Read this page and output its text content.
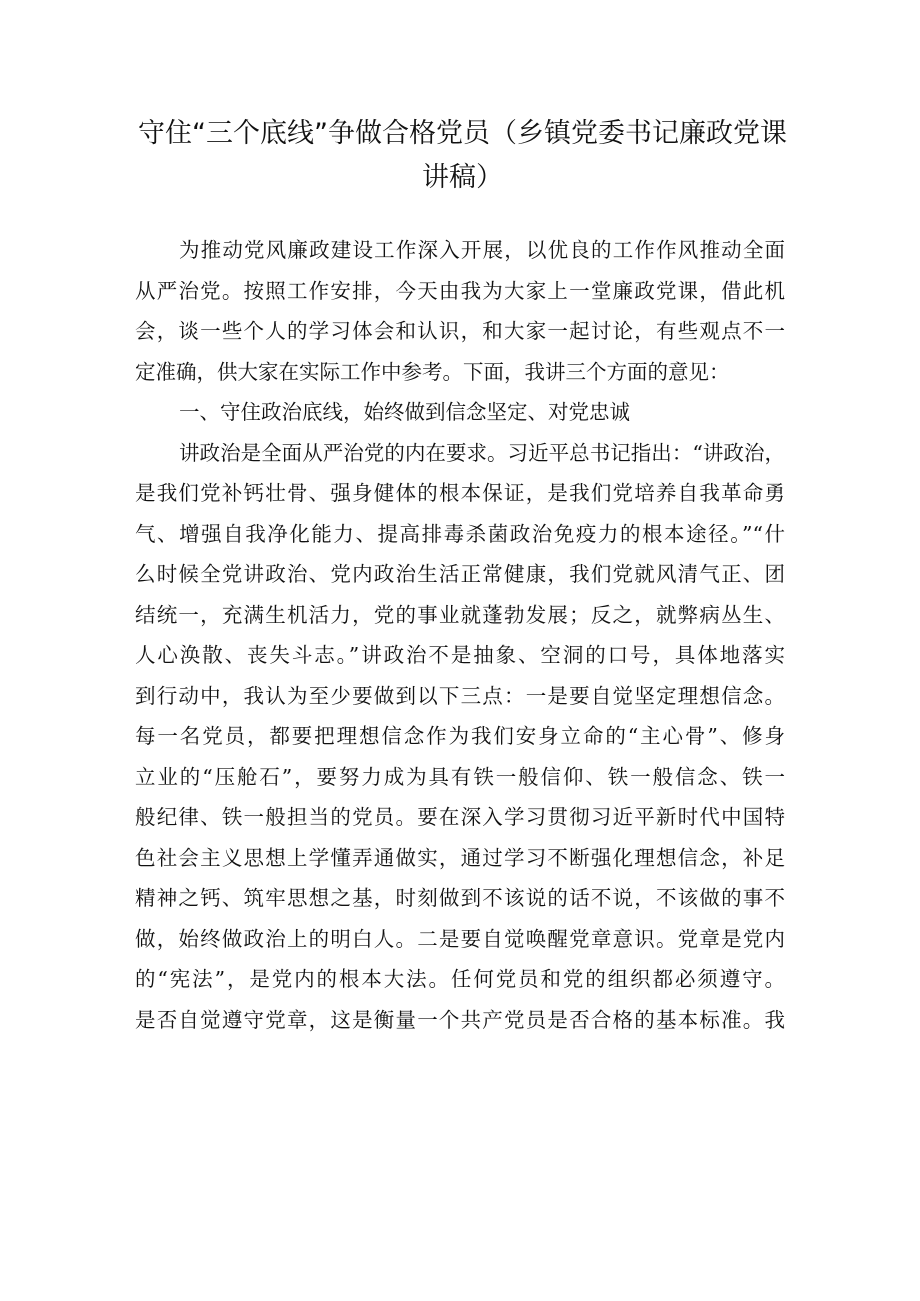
守住“三个底线”争做合格党员（乡镇党委书记廉政党课
讲稿）
为推动党风廉政建设工作深入开展，以优良的工作作风推动全面
从严治党。按照工作安排，今天由我为大家上一堂廉政党课，借此机
会，谈一些个人的学习体会和认识，和大家一起讨论，有些观点不一
定准确，供大家在实际工作中参考。下面，我讲三个方面的意见：
一、守住政治底线，始终做到信念坚定、对党忠诚
讲政治是全面从严治党的内在要求。习近平总书记指出：“讲政治，
是我们党补钙壮骨、强身健体的根本保证，是我们党培养自我革命勇
气、增强自我净化能力、提高排毒杀菌政治免疫力的根本途径。”“什
么时候全党讲政治、党内政治生活正常健康，我们党就风清气正、团
结统一，充满生机活力，党的事业就蓬勃发展；反之，就弊病丛生、
人心涣散、丧失斗志。”讲政治不是抽象、空洞的口号，具体地落实
到行动中，我认为至少要做到以下三点：一是要自觉坚定理想信念。
每一名党员，都要把理想信念作为我们安身立命的“主心骨”、修身
立业的“压舱石”，要努力成为具有铁一般信仰、铁一般信念、铁一
般纪律、铁一般担当的党员。要在深入学习贯彻习近平新时代中国特
色社会主义思想上学懂弄通做实，通过学习不断强化理想信念，补足
精神之钙、筑牢思想之基，时刻做到不该说的话不说，不该做的事不
做，始终做政治上的明白人。二是要自觉唤醒党章意识。党章是党内
的“宪法”，是党内的根本大法。任何党员和党的组织都必须遵守。
是否自觉遵守党章，这是衡量一个共产党员是否合格的基本标准。我
